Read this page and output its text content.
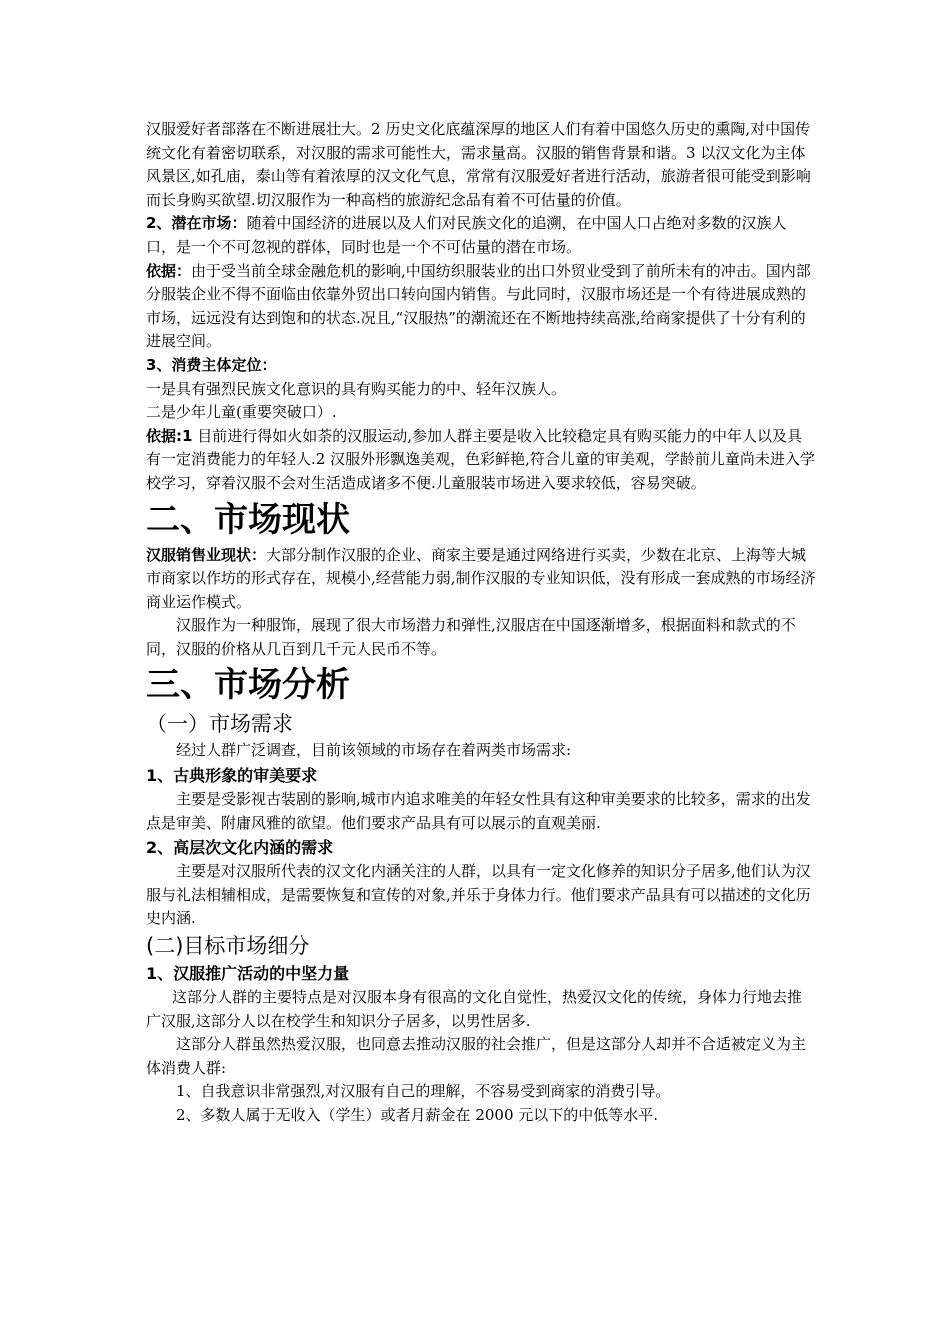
汉服爱好者部落在不断进展壮大。2 历史文化底蕴深厚的地区人们有着中国悠久历史的熏陶,对中国传统文化有着密切联系，对汉服的需求可能性大，需求量高。汉服的销售背景和谐。3 以汉文化为主体风景区,如孔庙，泰山等有着浓厚的汉文化气息，常常有汉服爱好者进行活动，旅游者很可能受到影响而长身购买欲望.切汉服作为一种高档的旅游纪念品有着不可估量的价值。

2、潜在市场：随着中国经济的进展以及人们对民族文化的追溯，在中国人口占绝对多数的汉族人口，是一个不可忽视的群体，同时也是一个不可估量的潜在市场。

依据：由于受当前全球金融危机的影响,中国纺织服装业的出口外贸业受到了前所未有的冲击。国内部分服装企业不得不面临由依靠外贸出口转向国内销售。与此同时，汉服市场还是一个有待进展成熟的市场，远远没有达到饱和的状态.况且,“汉服热”的潮流还在不断地持续高涨,给商家提供了十分有利的进展空间。

3、消费主体定位：

一是具有强烈民族文化意识的具有购买能力的中、轻年汉族人。

二是少年儿童(重要突破口）.

依据:1 目前进行得如火如荼的汉服运动,参加人群主要是收入比较稳定具有购买能力的中年人以及具有一定消费能力的年轻人.2 汉服外形飘逸美观，色彩鲜艳,符合儿童的审美观，学龄前儿童尚未进入学校学习，穿着汉服不会对生活造成诸多不便.儿童服装市场进入要求较低，容易突破。

二、市场现状

汉服销售业现状：大部分制作汉服的企业、商家主要是通过网络进行买卖，少数在北京、上海等大城市商家以作坊的形式存在，规模小,经营能力弱,制作汉服的专业知识低，没有形成一套成熟的市场经济商业运作模式。

汉服作为一种服饰，展现了很大市场潜力和弹性,汉服店在中国逐渐增多，根据面料和款式的不同，汉服的价格从几百到几千元人民币不等。

三、市场分析
（一）市场需求

经过人群广泛调查，目前该领域的市场存在着两类市场需求:

1、古典形象的审美要求

主要是受影视古装剧的影响,城市内追求唯美的年轻女性具有这种审美要求的比较多，需求的出发点是审美、附庸风雅的欲望。他们要求产品具有可以展示的直观美丽.

2、高层次文化内涵的需求

主要是对汉服所代表的汉文化内涵关注的人群，以具有一定文化修养的知识分子居多,他们认为汉服与礼法相辅相成，是需要恢复和宣传的对象,并乐于身体力行。他们要求产品具有可以描述的文化历史内涵.

(二)目标市场细分
1、汉服推广活动的中坚力量

这部分人群的主要特点是对汉服本身有很高的文化自觉性，热爱汉文化的传统，身体力行地去推广汉服,这部分人以在校学生和知识分子居多，以男性居多.

这部分人群虽然热爱汉服，也同意去推动汉服的社会推广，但是这部分人却并不合适被定义为主体消费人群:

1、自我意识非常强烈,对汉服有自己的理解，不容易受到商家的消费引导。

2、多数人属于无收入（学生）或者月薪金在 2000 元以下的中低等水平.
